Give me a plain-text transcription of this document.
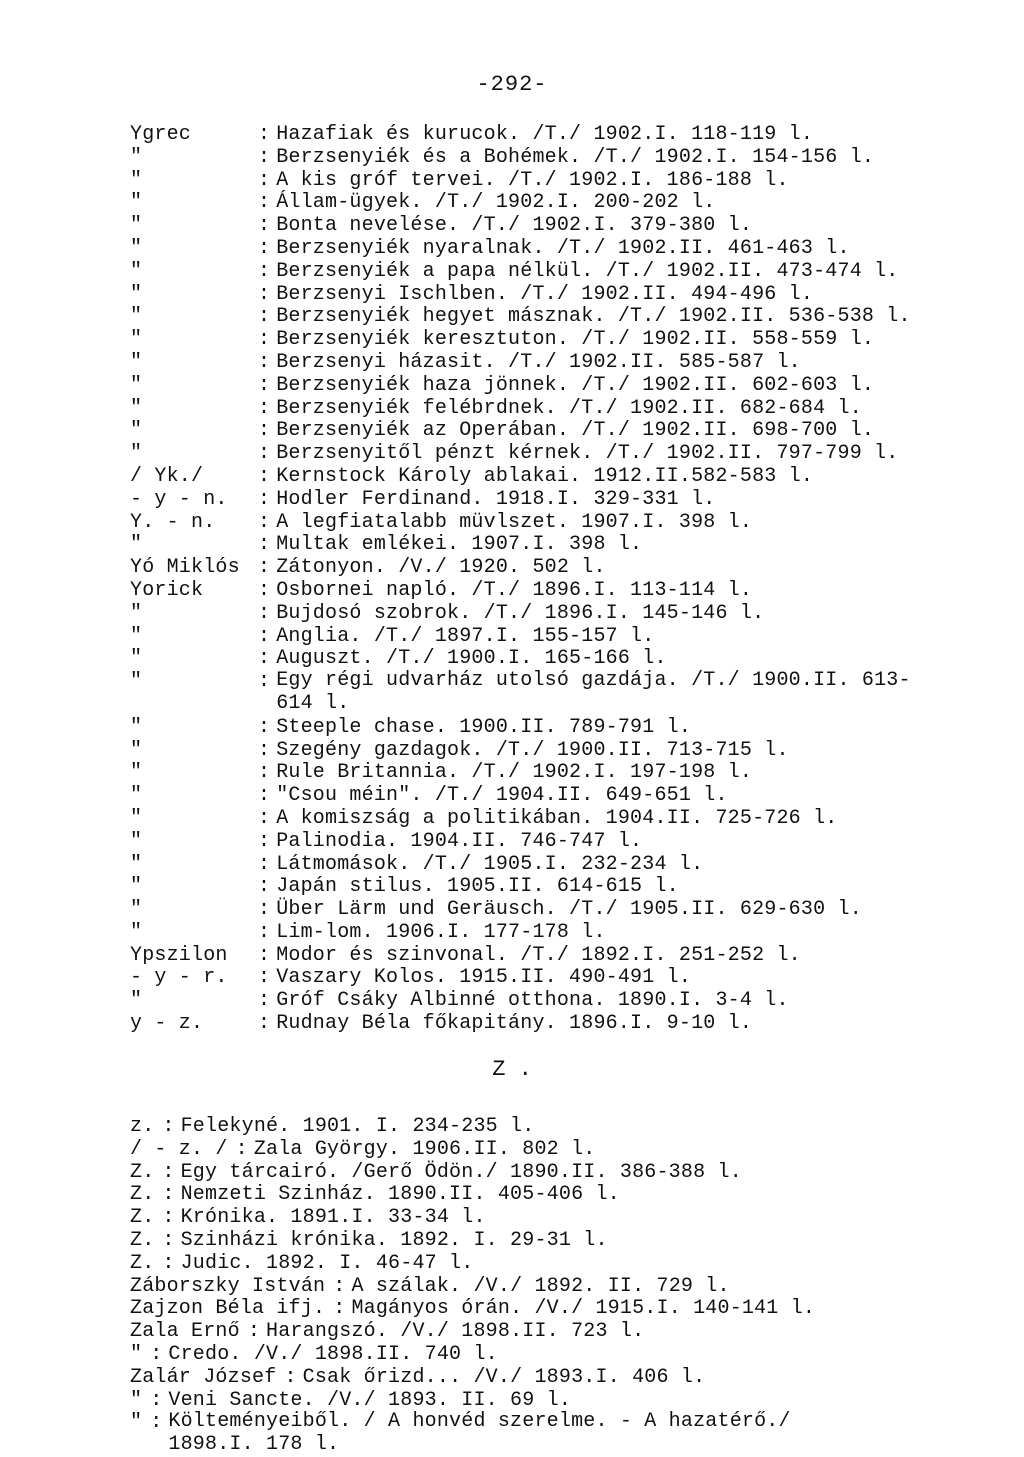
-292-
Ygrec	: Hazafiak és kurucok. /T./ 1902.I. 118-119 l.
"	: Berzsenyiék és a Bohémek. /T./ 1902.I. 154-156 l.
"	: A kis gróf tervei. /T./ 1902.I. 186-188 l.
"	: Állam-ügyek. /T./ 1902.I. 200-202 l.
"	: Bonta nevelése. /T./ 1902.I. 379-380 l.
"	: Berzsenyiék nyaralnak. /T./ 1902.II. 461-463 l.
"	: Berzsenyiék a papa nélkül. /T./ 1902.II. 473-474 l.
"	: Berzsenyi Ischlben. /T./ 1902.II. 494-496 l.
"	: Berzsenyiék hegyet másznak. /T./ 1902.II. 536-538 l.
"	: Berzsenyiék keresztuton. /T./ 1902.II. 558-559 l.
"	: Berzsenyi házasit. /T./ 1902.II. 585-587 l.
"	: Berzsenyiék haza jönnek. /T./ 1902.II. 602-603 l.
"	: Berzsenyiék felébrdnek. /T./ 1902.II. 682-684 l.
"	: Berzsenyiék az Operában. /T./ 1902.II. 698-700 l.
"	: Berzsenyitől pénzt kérnek. /T./ 1902.II. 797-799 l.
/ Yk./	: Kernstock Károly ablakai. 1912.II.582-583 l.
- y - n.	: Hodler Ferdinand. 1918.I. 329-331 l.
Y. - n.	: A legfiatalabb müvlszet. 1907.I. 398 l.
"	: Multak emlékei. 1907.I. 398 l.
Yó Miklós : Zátonyon. /V./ 1920. 502 l.
Yorick	: Osbornei napló. /T./ 1896.I. 113-114 l.
"	: Bujdosó szobrok. /T./ 1896.I. 145-146 l.
"	: Anglia. /T./ 1897.I. 155-157 l.
"	: Auguszt. /T./ 1900.I. 165-166 l.
"	: Egy régi udvarház utolsó gazdája. /T./ 1900.II. 613-614 l.
"	: Steeple chase. 1900.II. 789-791 l.
"	: Szegény gazdagok. /T./ 1900.II. 713-715 l.
"	: Rule Britannia. /T./ 1902.I. 197-198 l.
"	: "Csou méin". /T./ 1904.II. 649-651 l.
"	: A komiszság a politikában. 1904.II. 725-726 l.
"	: Palinodia. 1904.II. 746-747 l.
"	: Látmomások. /T./ 1905.I. 232-234 l.
"	: Japán stilus. 1905.II. 614-615 l.
"	: Über Lärm und Geräusch. /T./ 1905.II. 629-630 l.
"	: Lim-lom. 1906.I. 177-178 l.
Ypszilon	: Modor és szinvonal. /T./ 1892.I. 251-252 l.
- y - r.	: Vaszary Kolos. 1915.II. 490-491 l.
"	: Gróf Csáky Albinné otthona. 1890.I. 3-4 l.
y - z.	: Rudnay Béla főkapitány. 1896.I. 9-10 l.
Z .
z. : Felekyné. 1901. I. 234-235 l.
/ - z. / : Zala György. 1906.II. 802 l.
Z. : Egy tárcairó. /Gerő Ödön./ 1890.II. 386-388 l.
Z. : Nemzeti Szinház. 1890.II. 405-406 l.
Z. : Krónika. 1891.I. 33-34 l.
Z. : Szinházi krónika. 1892. I. 29-31 l.
Z. : Judic. 1892. I. 46-47 l.
Záborszky István : A szálak. /V./ 1892. II. 729 l.
Zajzon Béla ifj. : Magányos órán. /V./ 1915.I. 140-141 l.
Zala Ernő : Harangszó. /V./ 1898.II. 723 l.
" : Credo. /V./ 1898.II. 740 l.
Zalár József : Csak őrizd... /V./ 1893.I. 406 l.
" : Veni Sancte. /V./ 1893. II. 69 l.
" : Költeményeiből. / A honvéd szerelme. - A hazatérő./ 1898.I. 178 l.
